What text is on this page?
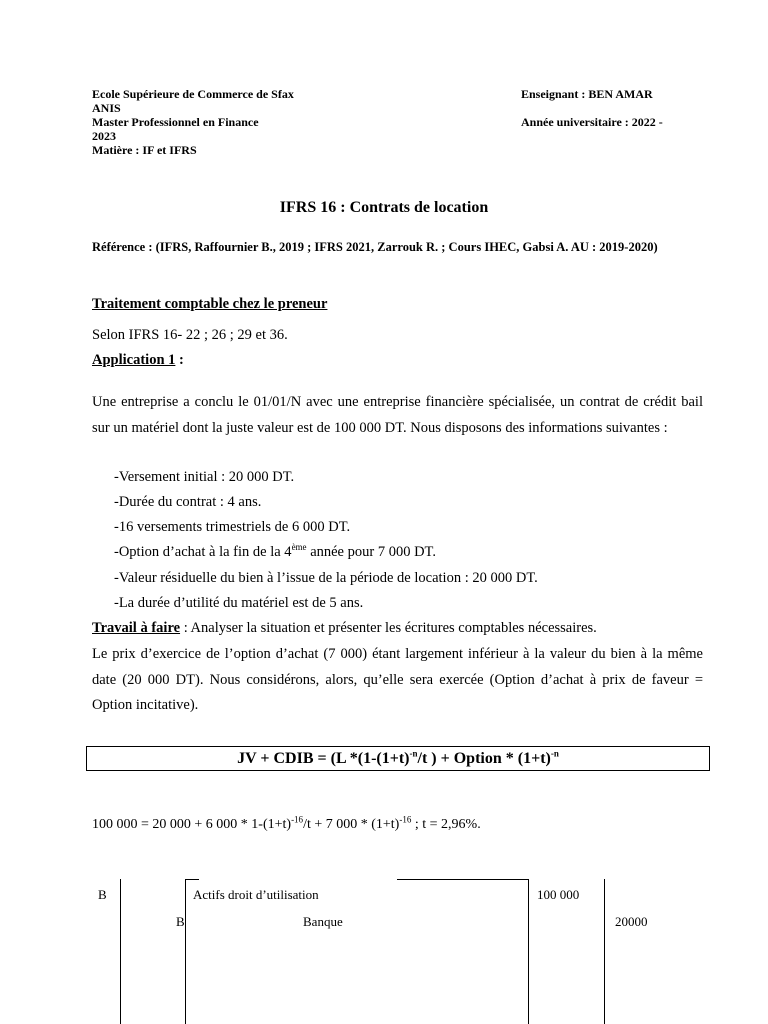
Ecole Supérieure de Commerce de Sfax	Enseignant : BEN AMAR
ANIS
Master Professionnel en Finance	Année universitaire : 2022 -
2023
Matière : IF et IFRS
IFRS 16 : Contrats de location
Référence : (IFRS, Raffournier B., 2019 ; IFRS 2021, Zarrouk R. ; Cours IHEC, Gabsi A. AU : 2019-2020)
Traitement comptable chez le preneur
Selon IFRS 16- 22 ; 26 ; 29 et 36.
Application 1 :
Une entreprise a conclu le 01/01/N avec une entreprise financière spécialisée, un contrat de crédit bail sur un matériel dont la juste valeur est de 100 000 DT. Nous disposons des informations suivantes :
-Versement initial : 20 000 DT.
-Durée du contrat : 4 ans.
-16 versements trimestriels de 6 000 DT.
-Option d’achat à la fin de la 4ème année pour 7 000 DT.
-Valeur résiduelle du bien à l’issue de la période de location : 20 000 DT.
-La durée d’utilité du matériel est de 5 ans.
Travail à faire : Analyser la situation et présenter les écritures comptables nécessaires.
Le prix d’exercice de l’option d’achat (7 000) étant largement inférieur à la valeur du bien à la même date (20 000 DT). Nous considérons, alors, qu’elle sera exercée (Option d’achat à prix de faveur = Option incitative).
JV + CDIB = (L $*(1-(1+t)^{-n}/t$ ) + Option * $(1+t)^{-n}$
100 000 = 20 000 + 6 $000 * 1-(1+t)^{-16}/t + 7$ $000 * (1+t)^{-16}$ ; t = 2,96%.
B	Actifs droit d’utilisation	100 000
B	Banque	20000
